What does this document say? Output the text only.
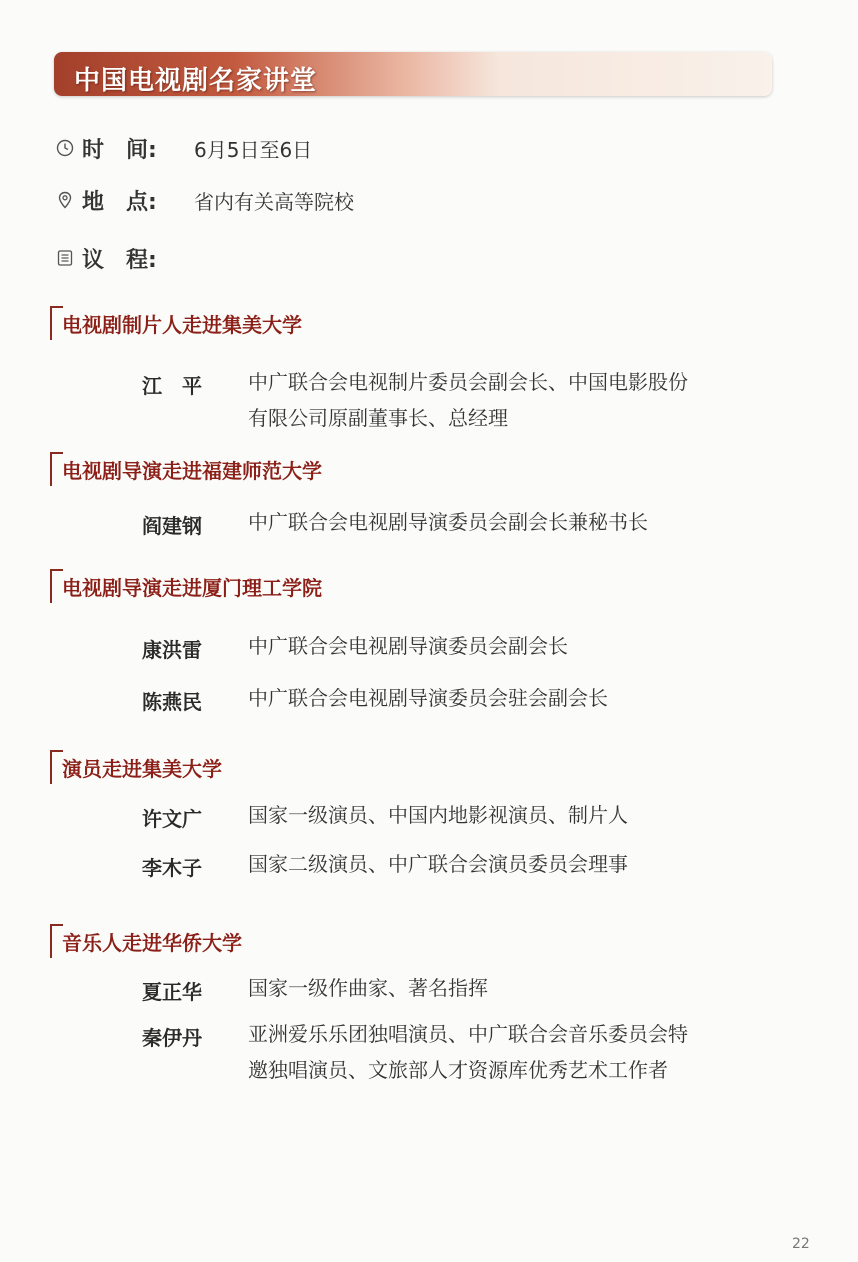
中国电视剧名家讲堂
时　间:	6月5日至6日
地　点:	省内有关高等院校
议　程:
电视剧制片人走进集美大学
江　平	中广联合会电视制片委员会副会长、中国电影股份有限公司原副董事长、总经理
电视剧导演走进福建师范大学
阎建钢	中广联合会电视剧导演委员会副会长兼秘书长
电视剧导演走进厦门理工学院
康洪雷	中广联合会电视剧导演委员会副会长
陈燕民	中广联合会电视剧导演委员会驻会副会长
演员走进集美大学
许文广	国家一级演员、中国内地影视演员、制片人
李木子	国家二级演员、中广联合会演员委员会理事
音乐人走进华侨大学
夏正华	国家一级作曲家、著名指挥
秦伊丹	亚洲爱乐乐团独唱演员、中广联合会音乐委员会特邀独唱演员、文旅部人才资源库优秀艺术工作者
22
